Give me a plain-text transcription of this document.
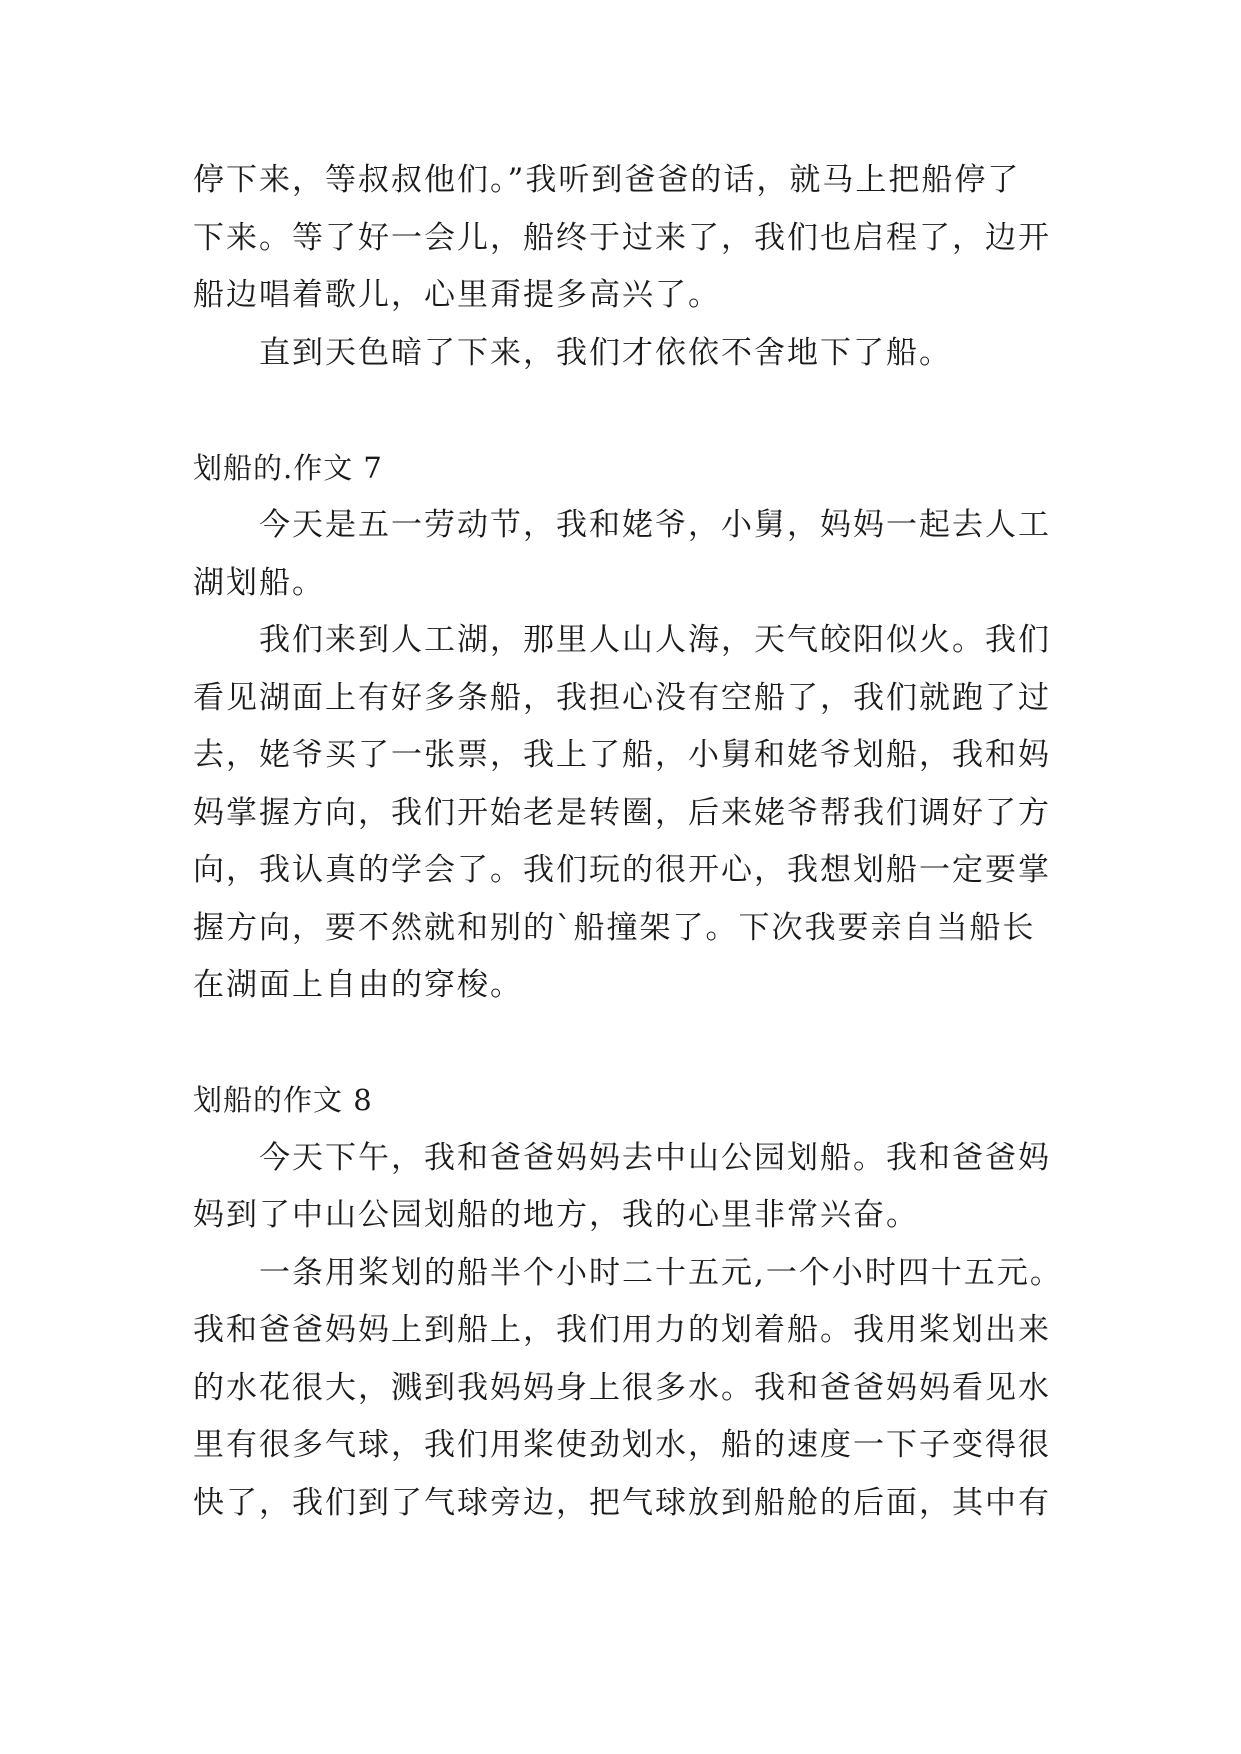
停下来，等叔叔他们。”我听到爸爸的话，就马上把船停了
下来。等了好一会儿，船终于过来了，我们也启程了，边开
船边唱着歌儿，心里甭提多高兴了。
直到天色暗了下来，我们才依依不舍地下了船。
划船的.作文 7
今天是五一劳动节，我和姥爷，小舅，妈妈一起去人工
湖划船。
我们来到人工湖，那里人山人海，天气皎阳似火。我们
看见湖面上有好多条船，我担心没有空船了，我们就跑了过
去，姥爷买了一张票，我上了船，小舅和姥爷划船，我和妈
妈掌握方向，我们开始老是转圈，后来姥爷帮我们调好了方
向，我认真的学会了。我们玩的很开心，我想划船一定要掌
握方向，要不然就和别的`船撞架了。下次我要亲自当船长
在湖面上自由的穿梭。
划船的作文 8
今天下午，我和爸爸妈妈去中山公园划船。我和爸爸妈
妈到了中山公园划船的地方，我的心里非常兴奋。
一条用桨划的船半个小时二十五元,一个小时四十五元。
我和爸爸妈妈上到船上，我们用力的划着船。我用桨划出来
的水花很大，溅到我妈妈身上很多水。我和爸爸妈妈看见水
里有很多气球，我们用桨使劲划水，船的速度一下子变得很
快了，我们到了气球旁边，把气球放到船舱的后面，其中有
